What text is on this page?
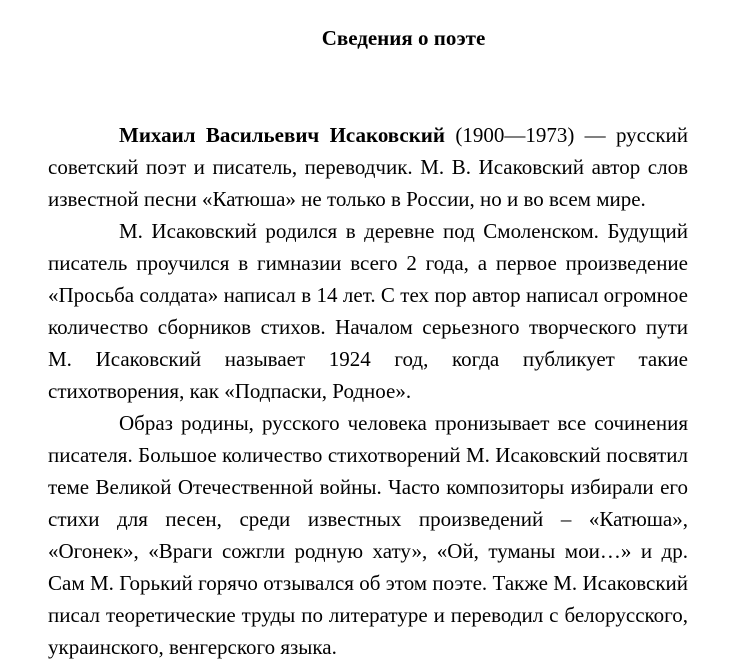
Сведения о поэте

Михаил Васильевич Исаковский (1900—1973) — русский советский поэт и писатель, переводчик. М. В. Исаковский автор слов известной песни «Катюша» не только в России, но и во всем мире.

М. Исаковский родился в деревне под Смоленском. Будущий писатель проучился в гимназии всего 2 года, а первое произведение «Просьба солдата» написал в 14 лет. С тех пор автор написал огромное количество сборников стихов. Началом серьезного творческого пути М. Исаковский называет 1924 год, когда публикует такие стихотворения, как «Подпаски, Родное».

Образ родины, русского человека пронизывает все сочинения писателя. Большое количество стихотворений М. Исаковский посвятил теме Великой Отечественной войны. Часто композиторы избирали его стихи для песен, среди известных произведений – «Катюша», «Огонек», «Враги сожгли родную хату», «Ой, туманы мои…» и др. Сам М. Горький горячо отзывался об этом поэте. Также М. Исаковский писал теоретические труды по литературе и переводил с белорусского, украинского, венгерского языка.
